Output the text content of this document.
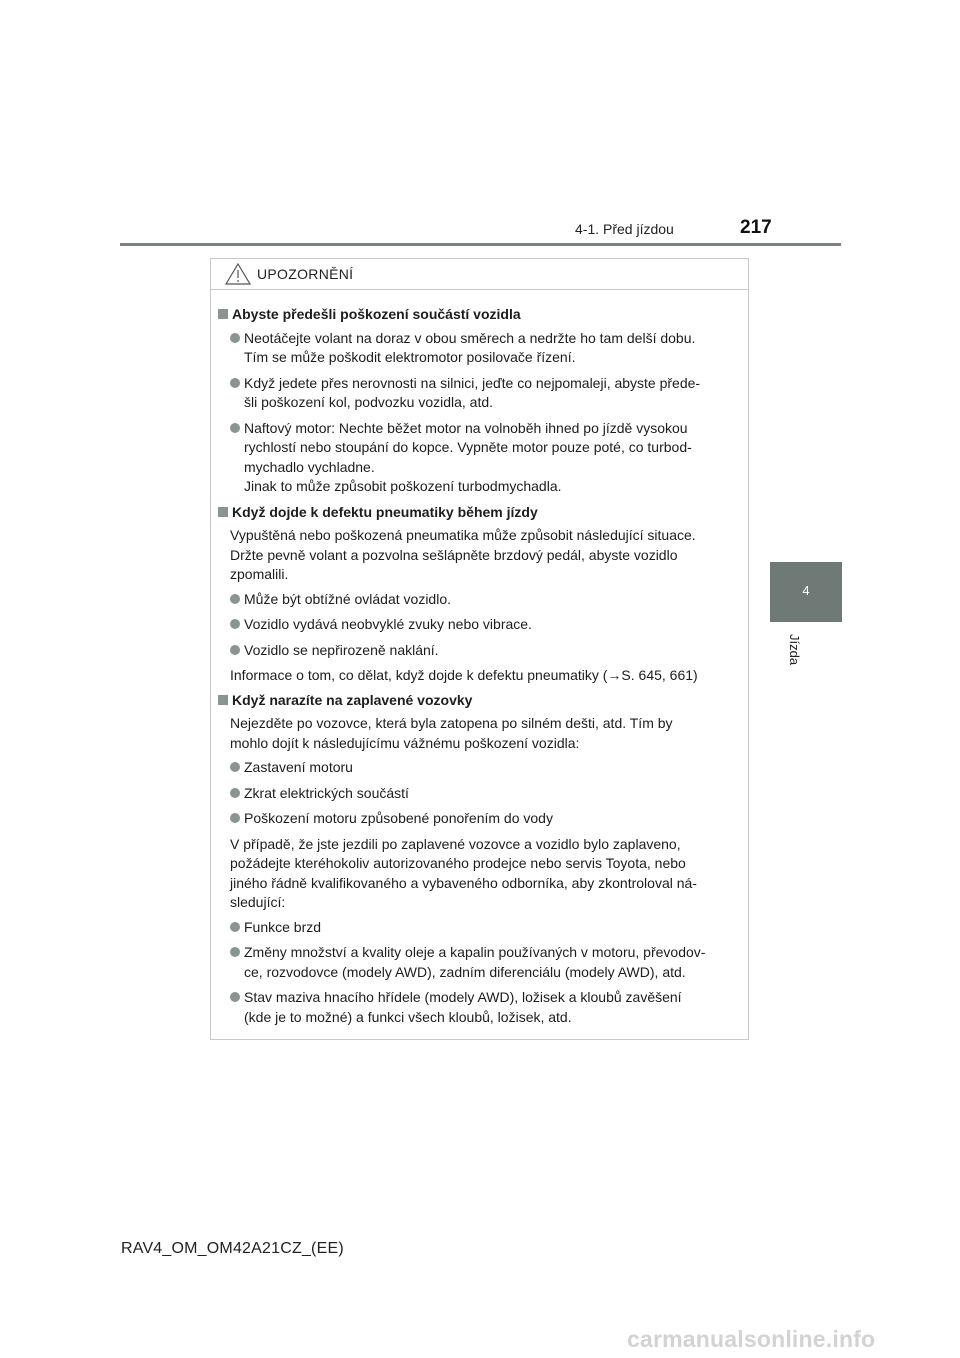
4-1. Před jízdou	217
4
Jízda
UPOZORNĚNÍ
Abyste předešli poškození součástí vozidla
Neotáčejte volant na doraz v obou směrech a nedržte ho tam delší dobu.
Tím se může poškodit elektromotor posilovače řízení.
Když jedete přes nerovnosti na silnici, jeďte co nejpomaleji, abyste přede-
šli poškození kol, podvozku vozidla, atd.
Naftový motor: Nechte běžet motor na volnoběh ihned po jízdě vysokou
rychlostí nebo stoupání do kopce. Vypněte motor pouze poté, co turbod-
mychadlo vychladne.
Jinak to může způsobit poškození turbodmychadla.
Když dojde k defektu pneumatiky během jízdy
Vypuštěná nebo poškozená pneumatika může způsobit následující situace.
Držte pevně volant a pozvolna sešlápněte brzdový pedál, abyste vozidlo
zpomalili.
Může být obtížné ovládat vozidlo.
Vozidlo vydává neobvyklé zvuky nebo vibrace.
Vozidlo se nepřirozeně naklání.
Informace o tom, co dělat, když dojde k defektu pneumatiky (→S. 645, 661)
Když narazíte na zaplavené vozovky
Nejezděte po vozovce, která byla zatopena po silném dešti, atd. Tím by
mohlo dojít k následujícímu vážnému poškození vozidla:
Zastavení motoru
Zkrat elektrických součástí
Poškození motoru způsobené ponořením do vody
V případě, že jste jezdili po zaplavené vozovce a vozidlo bylo zaplaveno,
požádejte kteréhokoliv autorizovaného prodejce nebo servis Toyota, nebo
jiného řádně kvalifikovaného a vybaveného odborníka, aby zkontroloval ná-
sledující:
Funkce brzd
Změny množství a kvality oleje a kapalin používaných v motoru, převodov-
ce, rozvodovce (modely AWD), zadním diferenciálu (modely AWD), atd.
Stav maziva hnacího hřídele (modely AWD), ložisek a kloubů zavěšení
(kde je to možné) a funkci všech kloubů, ložisek, atd.
RAV4_OM_OM42A21CZ_(EE)
carmanualsonline.info
